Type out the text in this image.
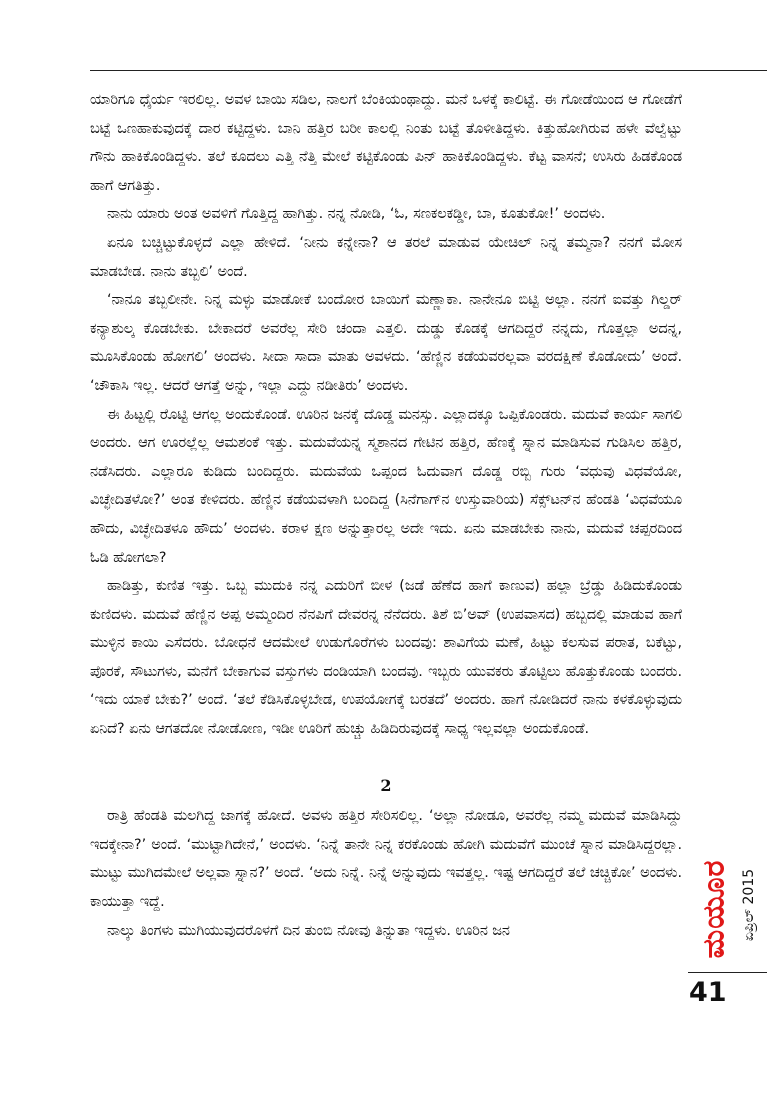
ಯಾರಿಗೂ ಧೈರ್ಯ ಇರಲಿಲ್ಲ. ಅವಳ ಬಾಯಿ ಸಡಿಲ, ನಾಲಗೆ ಬೆಂಕಿಯಂಥಾದ್ದು. ಮನೆ ಒಳಕ್ಕೆ ಕಾಲಿಟ್ಟೆ. ಈ ಗೋಡೆಯಿಂದ ಆ ಗೋಡೆಗೆ ಬಟ್ಟೆ ಒಣಹಾಕುವುದಕ್ಕೆ ದಾರ ಕಟ್ಟಿದ್ದಳು. ಬಾನಿ ಹತ್ತಿರ ಬರೀ ಕಾಲಲ್ಲಿ ನಿಂತು ಬಟ್ಟೆ ತೊಳೀತಿದ್ದಳು. ಕಿತ್ತುಹೋಗಿರುವ ಹಳೇ ವೆಲ್ವೆಟ್ಟು ಗೌನು ಹಾಕಿಕೊಂಡಿದ್ದಳು. ತಲೆ ಕೂದಲು ಎತ್ತಿ ನೆತ್ತಿ ಮೇಲೆ ಕಟ್ಟಿಕೊಂಡು ಪಿನ್ ಹಾಕಿಕೊಂಡಿದ್ದಳು. ಕೆಟ್ಟ ವಾಸನೆ; ಉಸಿರು ಹಿಡಕೊಂಡ ಹಾಗೆ ಆಗತಿತ್ತು.

ನಾನು ಯಾರು ಅಂತ ಅವಳಿಗೆ ಗೊತ್ತಿದ್ದ ಹಾಗಿತ್ತು. ನನ್ನ ನೋಡಿ, ‘ಓ, ಸಣಕಲಕಡ್ಡೀ, ಬಾ, ಕೂತುಕೋ!’ ಅಂದಳು.

ಏನೂ ಬಚ್ಚಿಟ್ಟುಕೊಳ್ಳದೆ ಎಲ್ಲಾ ಹೇಳಿದೆ. ‘ನೀನು ಕನ್ನೇನಾ? ಆ ತರಲೆ ಮಾಡುವ ಯೇಚಿಲ್ ನಿನ್ನ ತಮ್ಮನಾ? ನನಗೆ ಮೋಸ ಮಾಡಬೇಡ. ನಾನು ತಬ್ಬಲಿ’ ಅಂದೆ.

‘ನಾನೂ ತಬ್ಬಲೀನೇ. ನಿನ್ನ ಮಳ್ಳು ಮಾಡೋಕೆ ಬಂದೋರ ಬಾಯಿಗೆ ಮಣ್ಣಾಕಾ. ನಾನೇನೂ ಬಿಟ್ಟಿ ಅಲ್ಲಾ. ನನಗೆ ಐವತ್ತು ಗಿಲ್ಡರ್ ಕನ್ಯಾಶುಲ್ಕ ಕೊಡಬೇಕು. ಬೇಕಾದರೆ ಅವರೆಲ್ಲ ಸೇರಿ ಚಂದಾ ಎತ್ತಲಿ. ದುಡ್ಡು ಕೊಡಕ್ಕೆ ಆಗದಿದ್ದರೆ ನನ್ನದು, ಗೊತ್ತಲ್ಲಾ ಅದನ್ನ, ಮೂಸಿಕೊಂಡು ಹೋಗಲಿ’ ಅಂದಳು. ಸೀದಾ ಸಾದಾ ಮಾತು ಅವಳದು. ‘ಹೆಣ್ಣಿನ ಕಡೆಯವರಲ್ಲವಾ ವರದಕ್ಷಿಣೆ ಕೊಡೋದು’ ಅಂದೆ. ‘ಚೌಕಾಸಿ ಇಲ್ಲ. ಆದರೆ ಆಗತ್ತೆ ಅನ್ನು, ಇಲ್ಲಾ ಎದ್ದು ನಡೀತಿರು’ ಅಂದಳು.

ಈ ಹಿಟ್ಟಲ್ಲಿ ರೊಟ್ಟಿ ಆಗಲ್ಲ ಅಂದುಕೊಂಡೆ. ಊರಿನ ಜನಕ್ಕೆ ದೊಡ್ಡ ಮನಸ್ಸು. ಎಲ್ಲಾದಕ್ಕೂ ಒಪ್ಪಿಕೊಂಡರು. ಮದುವೆ ಕಾರ್ಯ ಸಾಗಲಿ ಅಂದರು. ಆಗ ಊರಲ್ಲೆಲ್ಲ ಆಮಶಂಕೆ ಇತ್ತು. ಮದುವೆಯನ್ನ ಸ್ಮಶಾನದ ಗೇಟಿನ ಹತ್ತಿರ, ಹೆಣಕ್ಕೆ ಸ್ನಾನ ಮಾಡಿಸುವ ಗುಡಿಸಿಲ ಹತ್ತಿರ, ನಡೆಸಿದರು. ಎಲ್ಲಾರೂ ಕುಡಿದು ಬಂದಿದ್ದರು. ಮದುವೆಯ ಒಪ್ಪಂದ ಓದುವಾಗ ದೊಡ್ಡ ರಬ್ಬಿ ಗುರು ‘ವಧುವು ವಿಧವೆಯೋ, ವಿಚ್ಛೇದಿತಳೋ?’ ಅಂತ ಕೇಳಿದರು. ಹೆಣ್ಣಿನ ಕಡೆಯವಳಾಗಿ ಬಂದಿದ್ದ (ಸಿನೆಗಾಗ್‌ನ ಉಸ್ತುವಾರಿಯ) ಸೆಕ್ಸ್‌ಟನ್‌ನ ಹೆಂಡತಿ ‘ವಿಧವೆಯೂ ಹೌದು, ವಿಚ್ಛೇದಿತಳೂ ಹೌದು’ ಅಂದಳು. ಕರಾಳ ಕ್ಷಣ ಅನ್ನುತ್ತಾರಲ್ಲ ಅದೇ ಇದು. ಏನು ಮಾಡಬೇಕು ನಾನು, ಮದುವೆ ಚಪ್ಪರದಿಂದ ಓಡಿ ಹೋಗಲಾ?

ಹಾಡಿತ್ತು, ಕುಣಿತ ಇತ್ತು. ಒಬ್ಬ ಮುದುಕಿ ನನ್ನ ಎದುರಿಗೆ ಬೀಳ (ಜಡೆ ಹೆಣೆದ ಹಾಗೆ ಕಾಣುವ) ಹಲ್ಲಾ ಬ್ರೆಡ್ಡು ಹಿಡಿದುಕೊಂಡು ಕುಣಿದಳು. ಮದುವೆ ಹೆಣ್ಣಿನ ಅಪ್ಪ ಅಮ್ಮಂದಿರ ನೆನಪಿಗೆ ದೇವರನ್ನ ನೆನೆದರು. ತಿಶೆ ಬಿ’ಅವ್ (ಉಪವಾಸದ) ಹಬ್ಬದಲ್ಲಿ ಮಾಡುವ ಹಾಗೆ ಮುಳ್ಳಿನ ಕಾಯಿ ಎಸೆದರು. ಬೋಧನೆ ಆದಮೇಲೆ ಉಡುಗೊರೆಗಳು ಬಂದವು: ಶಾವಿಗೆಯ ಮಣೆ, ಹಿಟ್ಟು ಕಲಸುವ ಪರಾತ, ಬಕೆಟ್ಟು, ಪೊರಕೆ, ಸೌಟುಗಳು, ಮನೆಗೆ ಬೇಕಾಗುವ ವಸ್ತುಗಳು ದಂಡಿಯಾಗಿ ಬಂದವು. ಇಬ್ಬರು ಯುವಕರು ತೊಟ್ಟಿಲು ಹೊತ್ತುಕೊಂಡು ಬಂದರು. ‘ಇದು ಯಾಕೆ ಬೇಕು?’ ಅಂದೆ. ‘ತಲೆ ಕೆಡಿಸಿಕೊಳ್ಳಬೇಡ, ಉಪಯೋಗಕ್ಕೆ ಬರತದೆ’ ಅಂದರು. ಹಾಗೆ ನೋಡಿದರೆ ನಾನು ಕಳಕೊಳ್ಳುವುದು ಏನಿದೆ? ಏನು ಆಗತದೋ ನೋಡೋಣ, ಇಡೀ ಊರಿಗೆ ಹುಚ್ಚು ಹಿಡಿದಿರುವುದಕ್ಕೆ ಸಾಧ್ಯ ಇಲ್ಲವಲ್ಲಾ ಅಂದುಕೊಂಡೆ.

2

ರಾತ್ರಿ ಹೆಂಡತಿ ಮಲಗಿದ್ದ ಜಾಗಕ್ಕೆ ಹೋದೆ. ಅವಳು ಹತ್ತಿರ ಸೇರಿಸಲಿಲ್ಲ. ‘ಅಲ್ಲಾ ನೋಡೂ, ಅವರೆಲ್ಲ ನಮ್ಮ ಮದುವೆ ಮಾಡಿಸಿದ್ದು ಇದಕ್ಕೇನಾ?’ ಅಂದೆ. ‘ಮುಟ್ಟಾಗಿದೇನೆ,’ ಅಂದಳು. ‘ನಿನ್ನೆ ತಾನೇ ನಿನ್ನ ಕರಕೊಂಡು ಹೋಗಿ ಮದುವೆಗೆ ಮುಂಚೆ ಸ್ನಾನ ಮಾಡಿಸಿದ್ದರಲ್ಲಾ. ಮುಟ್ಟು ಮುಗಿದಮೇಲೆ ಅಲ್ಲವಾ ಸ್ನಾನ?’ ಅಂದೆ. ‘ಅದು ನಿನ್ನೆ. ನಿನ್ನೆ ಅನ್ನುವುದು ಇವತ್ತಲ್ಲ. ಇಷ್ಟ ಆಗದಿದ್ದರೆ ತಲೆ ಚಚ್ಚಿಕೋ’ ಅಂದಳು. ಕಾಯುತ್ತಾ ಇದ್ದೆ.

ನಾಲ್ಕು ತಿಂಗಳು ಮುಗಿಯುವುದರೊಳಗೆ ದಿನ ತುಂಬಿ ನೋವು ತಿನ್ನುತಾ ಇದ್ದಳು. ಊರಿನ ಜನ	ಮಯೂರ ಏಪ್ರಿಲ್ 2015
41
